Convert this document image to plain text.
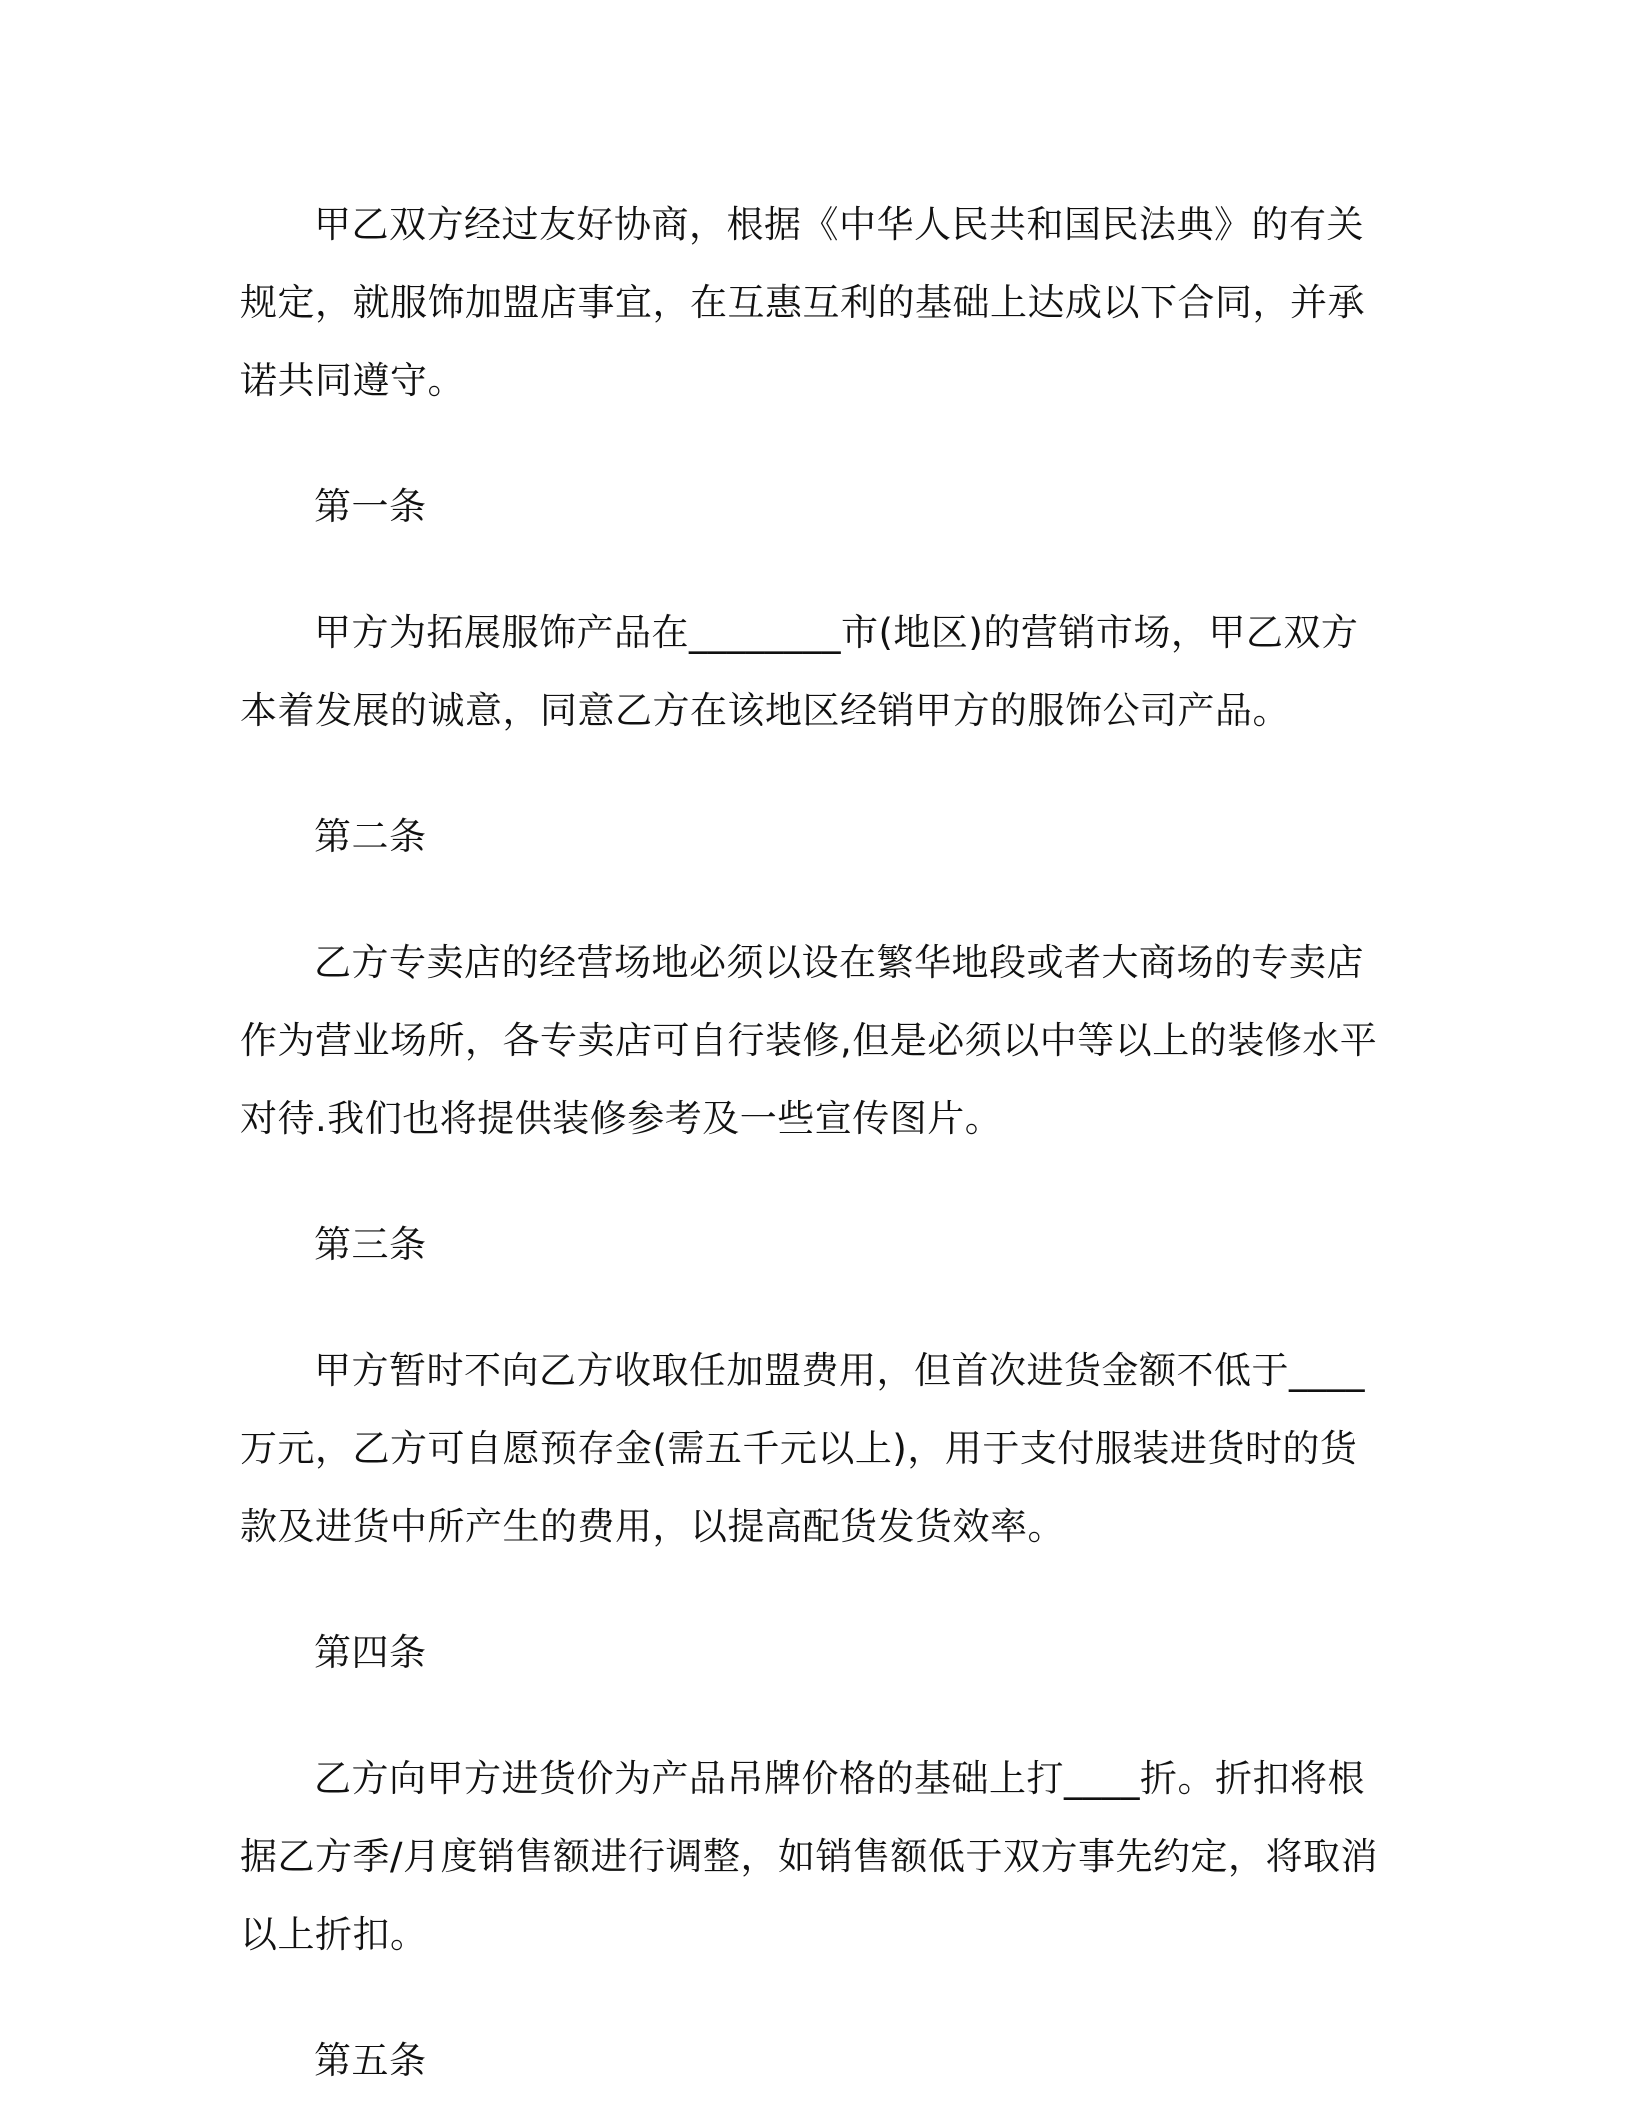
甲乙双方经过友好协商，根据《中华人民共和国民法典》的有关规定，就服饰加盟店事宜，在互惠互利的基础上达成以下合同，并承诺共同遵守。

第一条

甲方为拓展服饰产品在________市(地区)的营销市场，甲乙双方本着发展的诚意，同意乙方在该地区经销甲方的服饰公司产品。

第二条

乙方专卖店的经营场地必须以设在繁华地段或者大商场的专卖店作为营业场所，各专卖店可自行装修,但是必须以中等以上的装修水平对待.我们也将提供装修参考及一些宣传图片。

第三条

甲方暂时不向乙方收取任加盟费用，但首次进货金额不低于____万元，乙方可自愿预存金(需五千元以上)，用于支付服装进货时的货款及进货中所产生的费用，以提高配货发货效率。

第四条

乙方向甲方进货价为产品吊牌价格的基础上打____折。折扣将根据乙方季/月度销售额进行调整，如销售额低于双方事先约定，将取消以上折扣。

第五条
